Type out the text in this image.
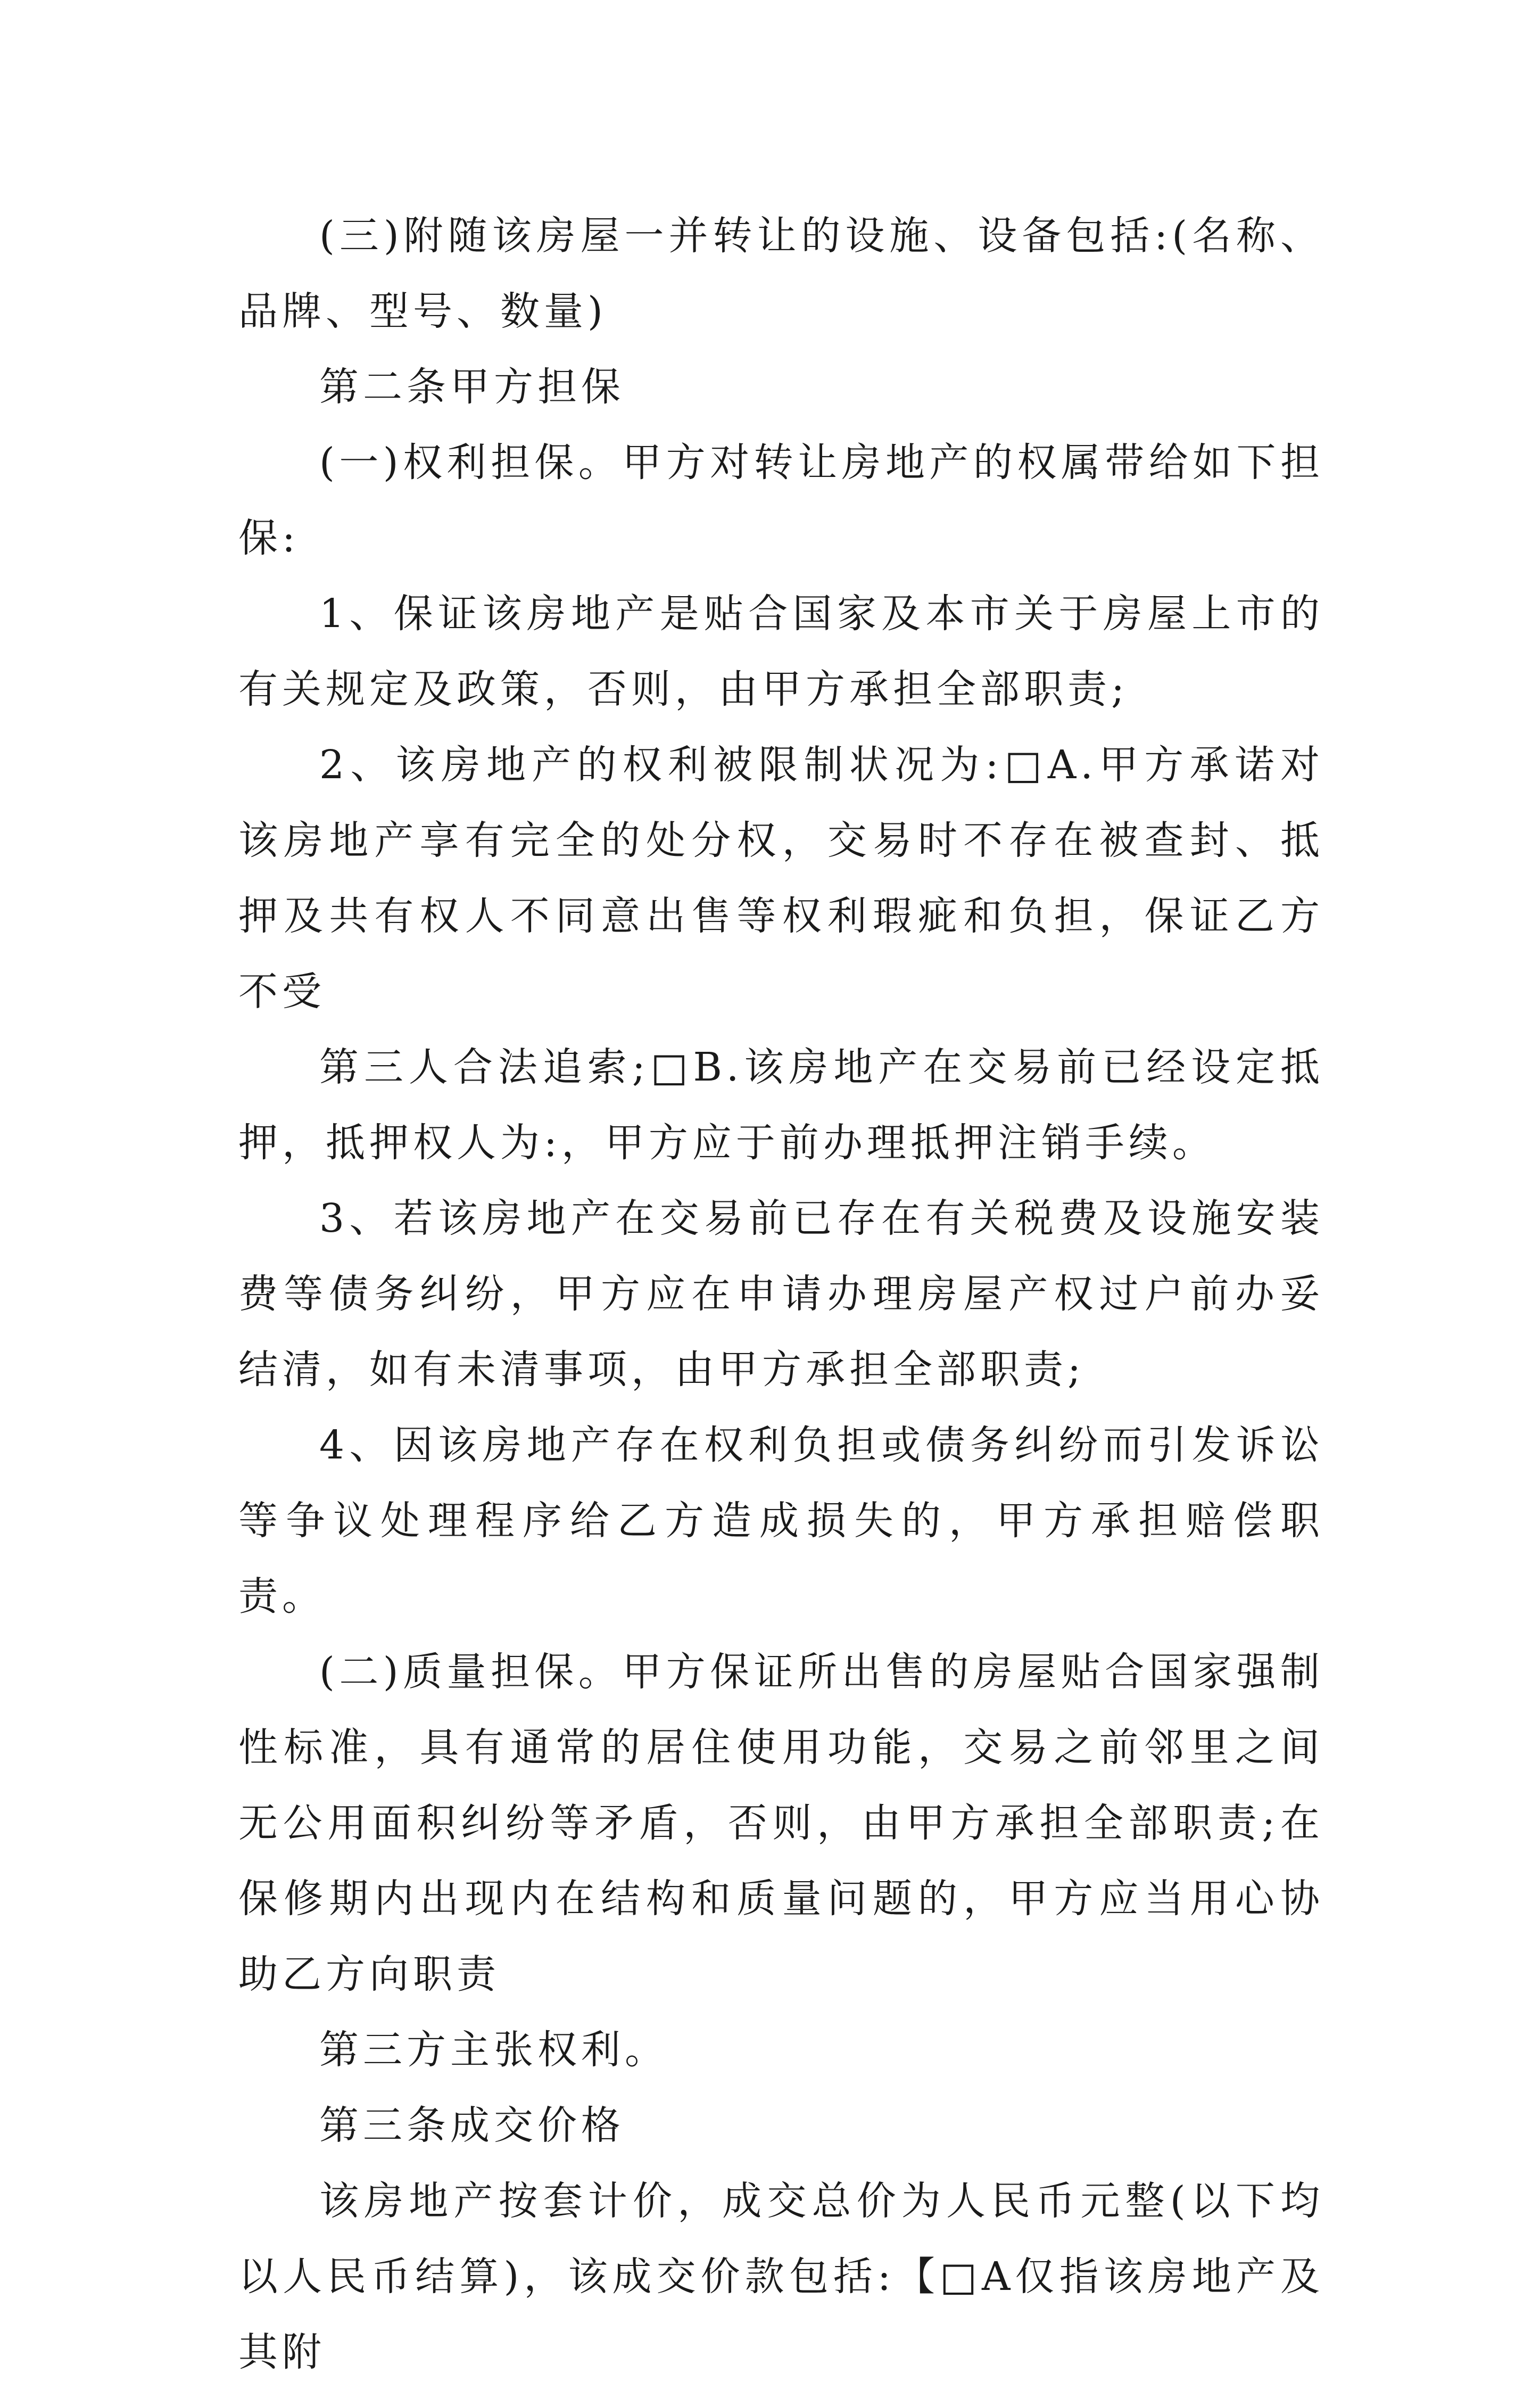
(三)附随该房屋一并转让的设施、设备包括:(名称、品牌、型号、数量)

第二条甲方担保

(一)权利担保。甲方对转让房地产的权属带给如下担保:

1、保证该房地产是贴合国家及本市关于房屋上市的有关规定及政策，否则，由甲方承担全部职责;

2、该房地产的权利被限制状况为:□A.甲方承诺对该房地产享有完全的处分权，交易时不存在被查封、抵押及共有权人不同意出售等权利瑕疵和负担，保证乙方不受

第三人合法追索;□B.该房地产在交易前已经设定抵押，抵押权人为:，甲方应于前办理抵押注销手续。

3、若该房地产在交易前已存在有关税费及设施安装费等债务纠纷，甲方应在申请办理房屋产权过户前办妥结清，如有未清事项，由甲方承担全部职责;

4、因该房地产存在权利负担或债务纠纷而引发诉讼等争议处理程序给乙方造成损失的，甲方承担赔偿职责。

(二)质量担保。甲方保证所出售的房屋贴合国家强制性标准，具有通常的居住使用功能，交易之前邻里之间无公用面积纠纷等矛盾，否则，由甲方承担全部职责;在保修期内出现内在结构和质量问题的，甲方应当用心协助乙方向职责

第三方主张权利。

第三条成交价格

该房地产按套计价，成交总价为人民币元整(以下均以人民币结算)，该成交价款包括:【□A仅指该房地产及其附
